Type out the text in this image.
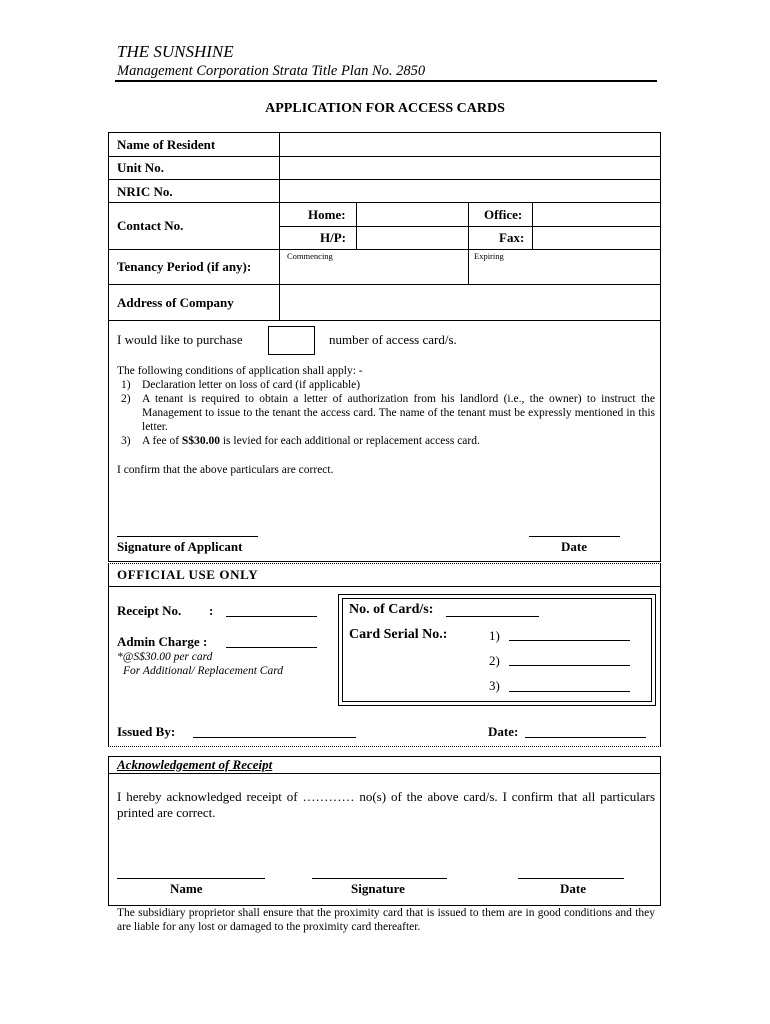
THE SUNSHINE
Management Corporation Strata Title Plan No. 2850
APPLICATION FOR ACCESS CARDS
Name of Resident
Unit No.
NRIC No.
Contact No.
Home:	Office:
H/P:	Fax:
Tenancy Period (if any):
Commencing	Expiring
Address of Company
I would like to purchase	number of access card/s.
The following conditions of application shall apply: -
1) Declaration letter on loss of card (if applicable)
2) A tenant is required to obtain a letter of authorization from his landlord (i.e., the owner) to instruct the Management to issue to the tenant the access card. The name of the tenant must be expressly mentioned in this letter.
3) A fee of S$30.00 is levied for each additional or replacement access card.
I confirm that the above particulars are correct.
Signature of Applicant	Date
OFFICIAL USE ONLY
Receipt No. :
Admin Charge :
*@S$30.00 per card
For Additional/ Replacement Card
No. of Card/s:
Card Serial No.:	1)
2)
3)
Issued By:	Date:
Acknowledgement of Receipt
I hereby acknowledged receipt of ………… no(s) of the above card/s. I confirm that all particulars printed are correct.
Name	Signature	Date
The subsidiary proprietor shall ensure that the proximity card that is issued to them are in good conditions and they are liable for any lost or damaged to the proximity card thereafter.
